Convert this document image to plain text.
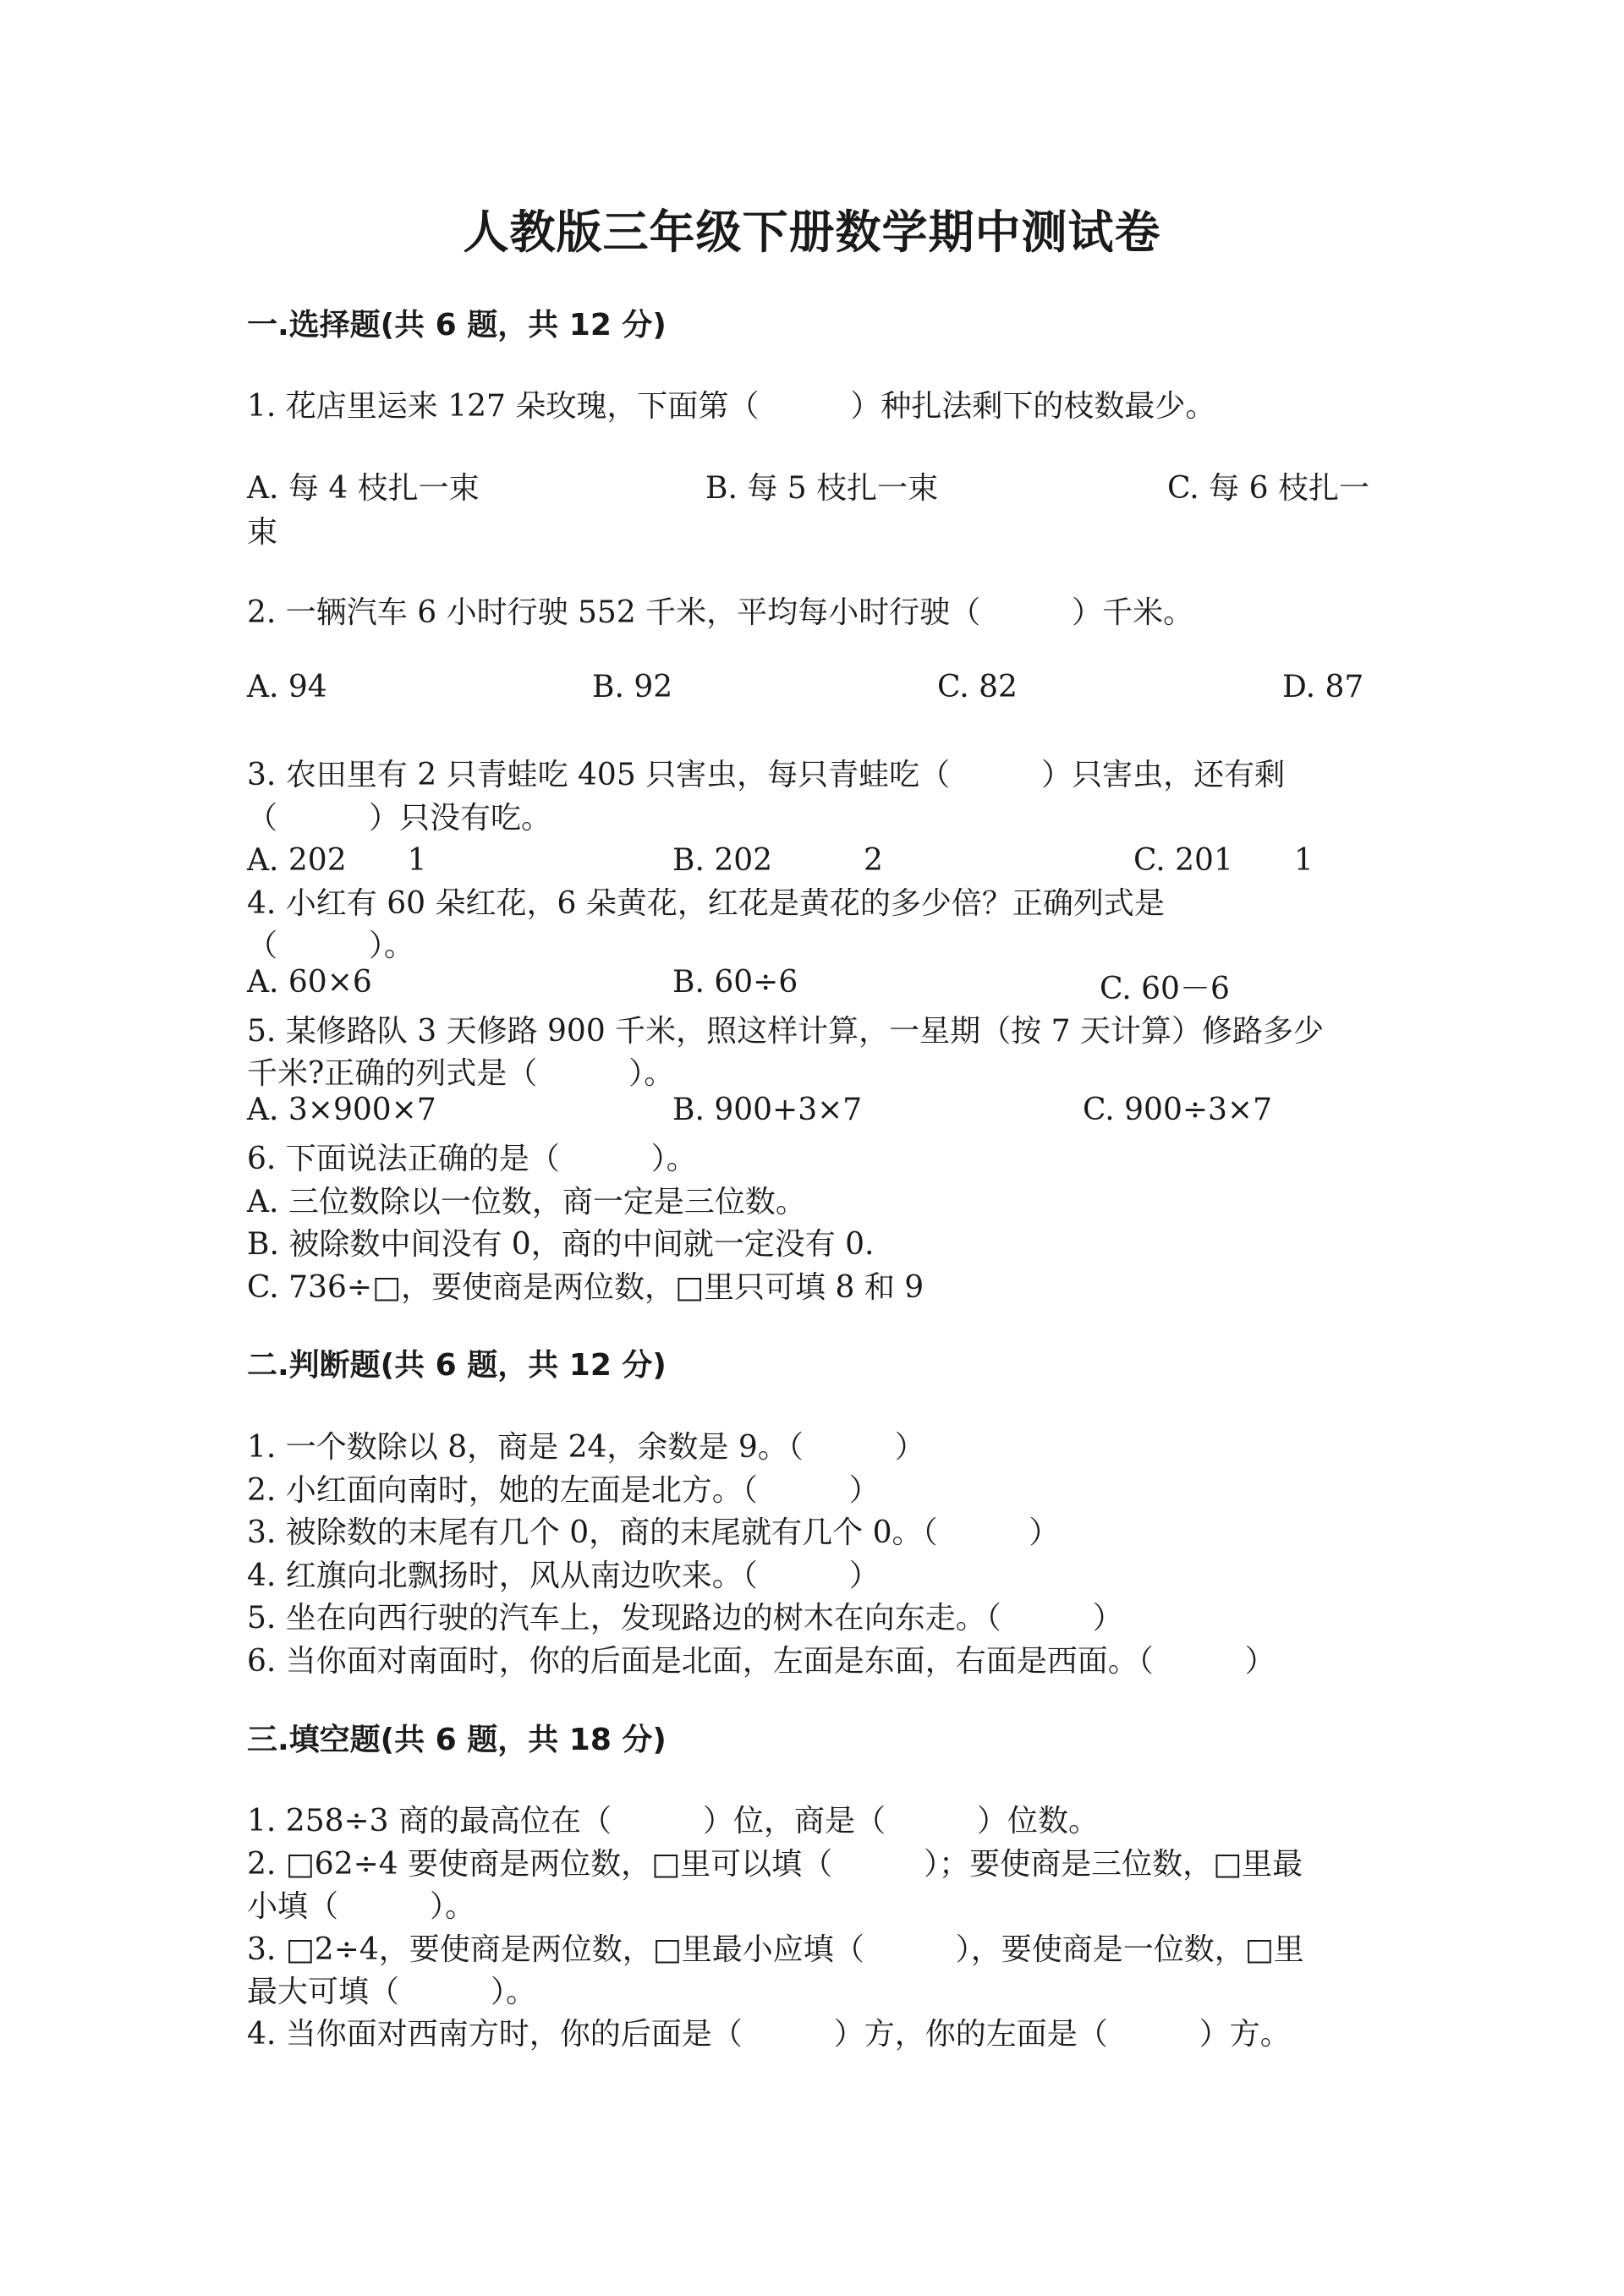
人教版三年级下册数学期中测试卷
一.选择题(共 6 题，共 12 分)
1. 花店里运来 127 朵玫瑰，下面第（　　　）种扎法剩下的枝数最少。
A. 每 4 枝扎一束	B. 每 5 枝扎一束	C. 每 6 枝扎一
束
2. 一辆汽车 6 小时行驶 552 千米，平均每小时行驶（　　　）千米。
A. 94	B. 92	C. 82	D. 87
3. 农田里有 2 只青蛙吃 405 只害虫，每只青蛙吃（　　　）只害虫，还有剩
（　　　）只没有吃。
A. 202　　1	B. 202　　　2	C. 201　　1
4. 小红有 60 朵红花，6 朵黄花，红花是黄花的多少倍？正确列式是
（　　　）。
A. 60×6	B. 60÷6	C. 60－6
5. 某修路队 3 天修路 900 千米，照这样计算，一星期（按 7 天计算）修路多少
千米?正确的列式是（　　　）。
A. 3×900×7	B. 900+3×7	C. 900÷3×7
6. 下面说法正确的是（　　　）。
A. 三位数除以一位数，商一定是三位数。
B. 被除数中间没有 0，商的中间就一定没有 0.
C. 736÷□，要使商是两位数，□里只可填 8 和 9
二.判断题(共 6 题，共 12 分)
1. 一个数除以 8，商是 24，余数是 9。（　　　）
2. 小红面向南时，她的左面是北方。（　　　）
3. 被除数的末尾有几个 0，商的末尾就有几个 0。（　　　）
4. 红旗向北飘扬时，风从南边吹来。（　　　）
5. 坐在向西行驶的汽车上，发现路边的树木在向东走。（　　　）
6. 当你面对南面时，你的后面是北面，左面是东面，右面是西面。（　　　）
三.填空题(共 6 题，共 18 分)
1. 258÷3 商的最高位在（　　　）位，商是（　　　）位数。
2. □62÷4 要使商是两位数，□里可以填（　　　）；要使商是三位数，□里最
小填（　　　）。
3. □2÷4，要使商是两位数，□里最小应填（　　　），要使商是一位数，□里
最大可填（　　　）。
4. 当你面对西南方时，你的后面是（　　　）方，你的左面是（　　　）方。
